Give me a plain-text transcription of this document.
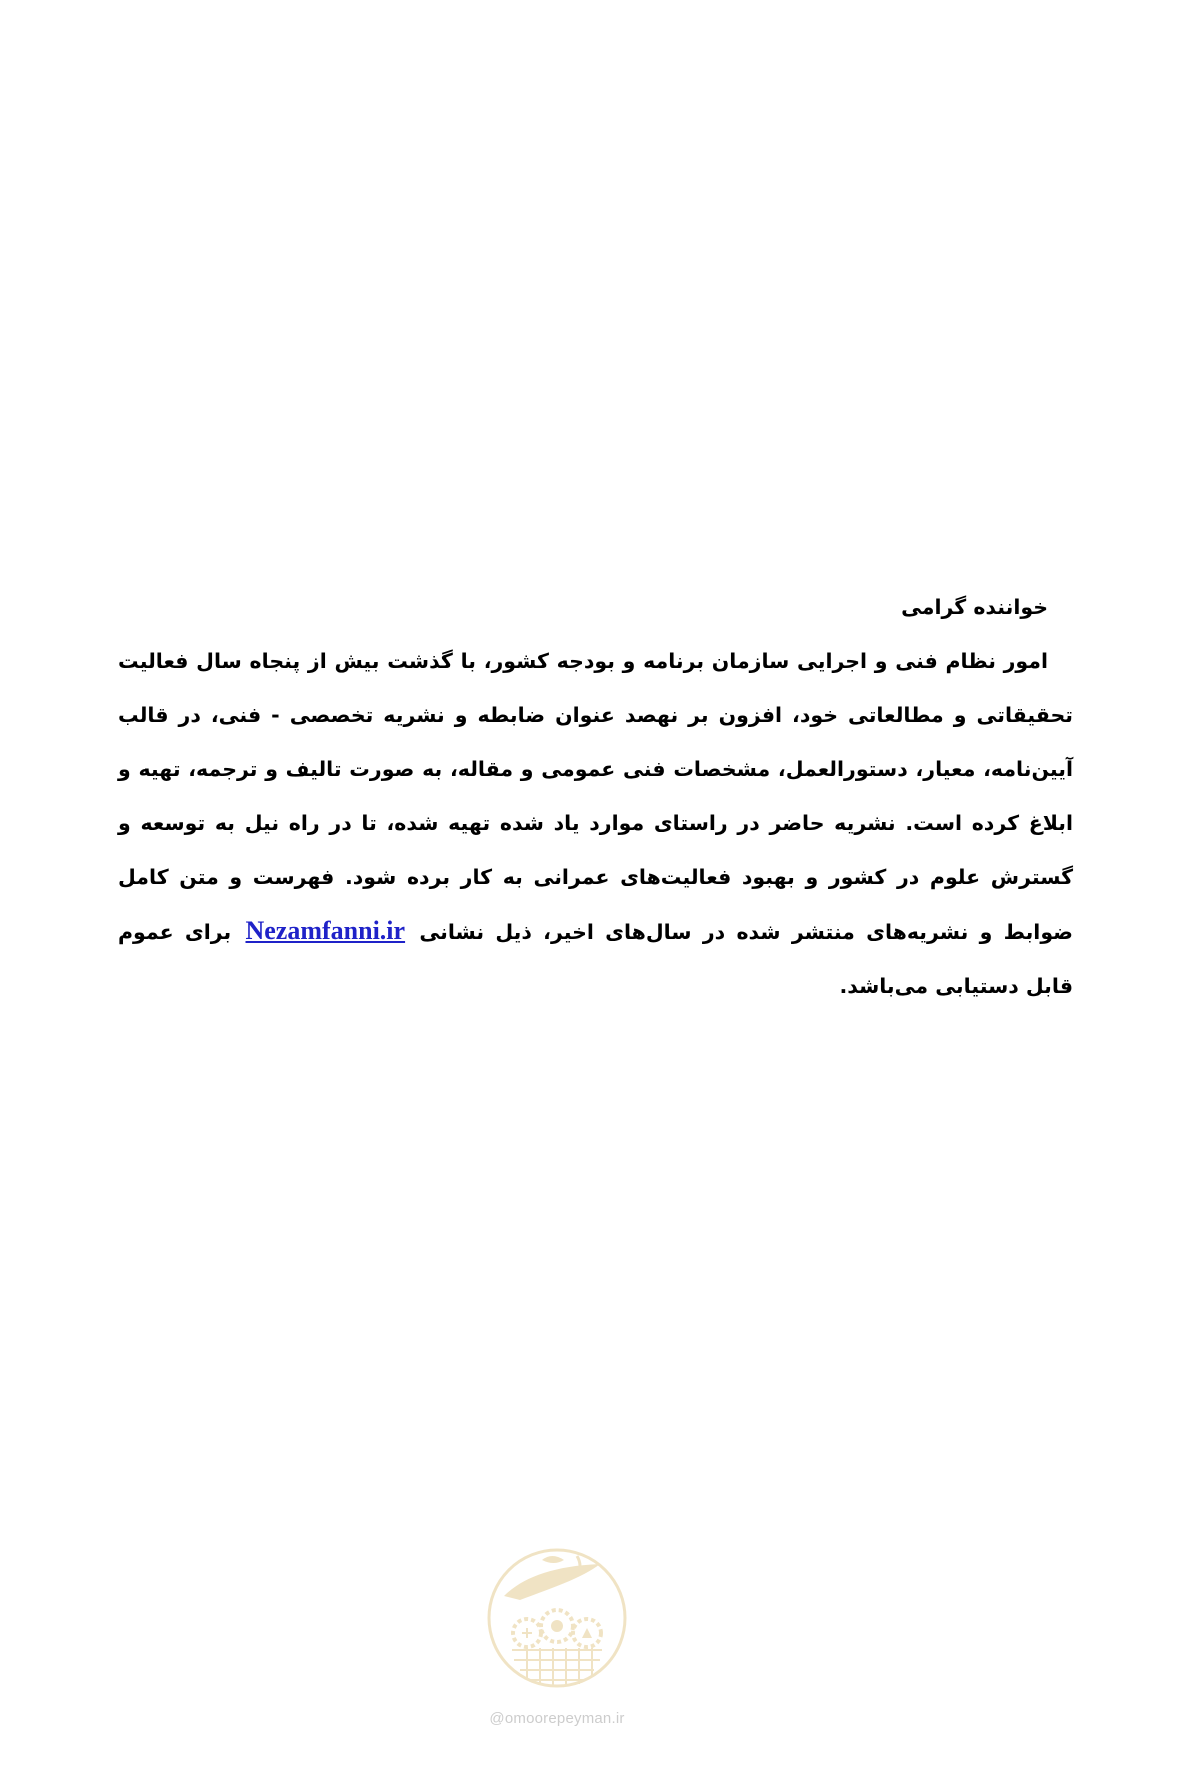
خواننده گرامی

امور نظام فنی و اجرایی سازمان برنامه و بودجه کشور، با گذشت بیش از پنجاه سال فعالیت تحقیقاتی و مطالعاتی خود، افزون بر نهصد عنوان ضابطه و نشریه تخصصی - فنی، در قالب آیین‌نامه، معیار، دستورالعمل، مشخصات فنی عمومی و مقاله، به صورت تالیف و ترجمه، تهیه و ابلاغ کرده است. نشریه حاضر در راستای موارد یاد شده تهیه شده، تا در راه نیل به توسعه و گسترش علوم در کشور و بهبود فعالیت‌های عمرانی به کار برده شود. فهرست و متن کامل ضوابط و نشریه‌های منتشر شده در سال‌های اخیر، ذیل نشانی Nezamfanni.ir برای عموم قابل دستیابی می‌باشد.

@omoorepeyman.ir
